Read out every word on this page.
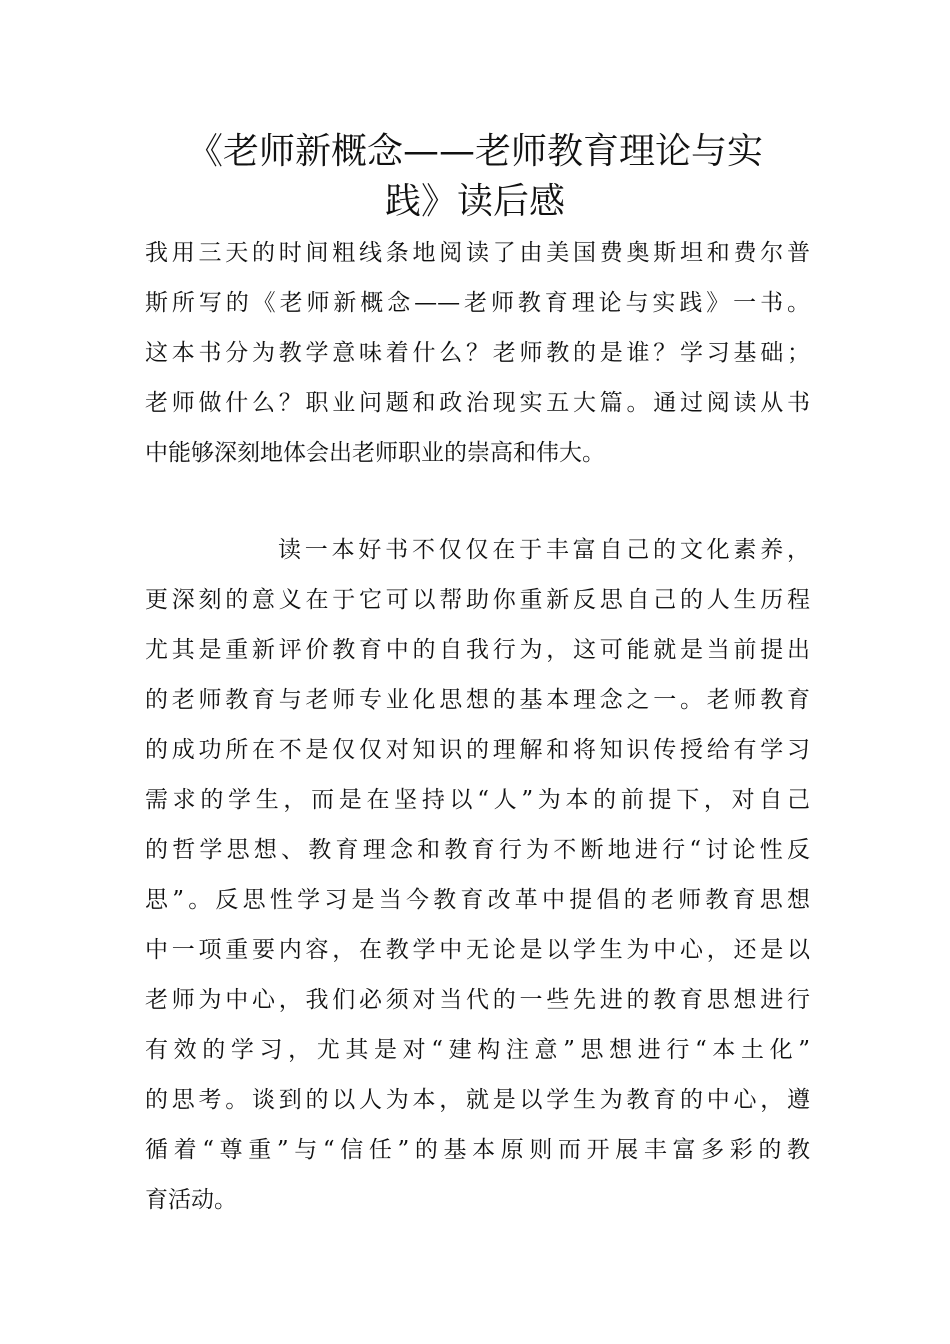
《老师新概念——老师教育理论与实
践》读后感
我用三天的时间粗线条地阅读了由美国费奥斯坦和费尔普
斯所写的《老师新概念——老师教育理论与实践》一书。
这本书分为教学意味着什么？老师教的是谁？学习基础；
老师做什么？职业问题和政治现实五大篇。通过阅读从书
中能够深刻地体会出老师职业的崇高和伟大。
读一本好书不仅仅在于丰富自己的文化素养，
更深刻的意义在于它可以帮助你重新反思自己的人生历程
尤其是重新评价教育中的自我行为，这可能就是当前提出
的老师教育与老师专业化思想的基本理念之一。老师教育
的成功所在不是仅仅对知识的理解和将知识传授给有学习
需求的学生，而是在坚持以“人”为本的前提下，对自己
的哲学思想、教育理念和教育行为不断地进行“讨论性反
思”。反思性学习是当今教育改革中提倡的老师教育思想
中一项重要内容，在教学中无论是以学生为中心，还是以
老师为中心，我们必须对当代的一些先进的教育思想进行
有效的学习，尤其是对“建构注意”思想进行“本土化”
的思考。谈到的以人为本，就是以学生为教育的中心，遵
循着“尊重”与“信任”的基本原则而开展丰富多彩的教
育活动。
